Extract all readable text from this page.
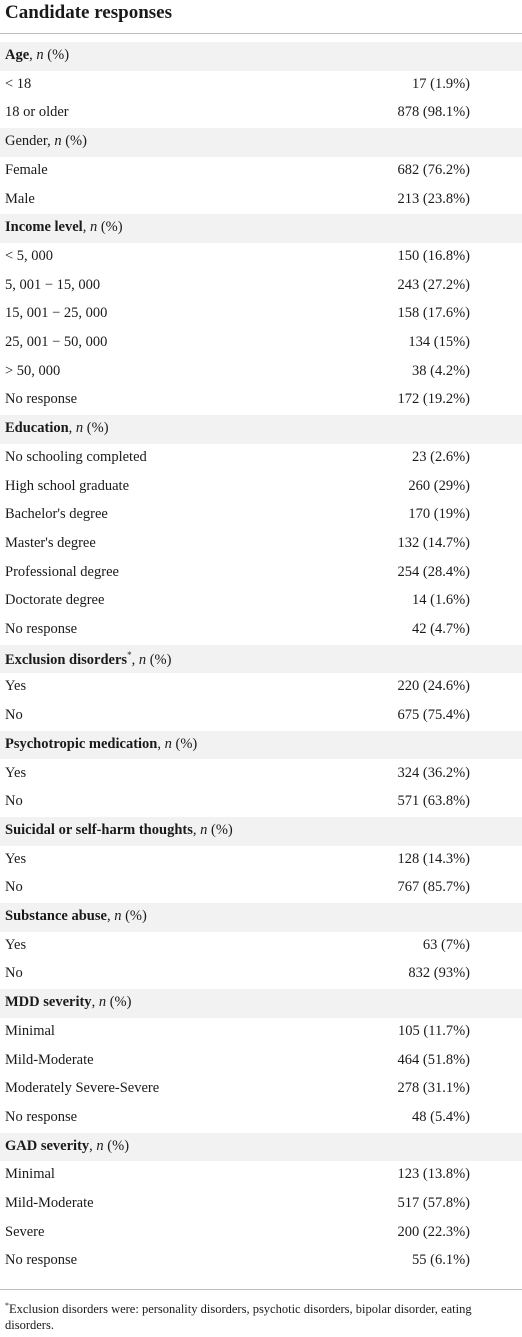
Candidate responses
Age, n (%)
< 18	17 (1.9%)
18 or older	878 (98.1%)
Gender, n (%)
Female	682 (76.2%)
Male	213 (23.8%)
Income level, n (%)
< 5, 000	150 (16.8%)
5, 001 − 15, 000	243 (27.2%)
15, 001 − 25, 000	158 (17.6%)
25, 001 − 50, 000	134 (15%)
> 50, 000	38 (4.2%)
No response	172 (19.2%)
Education, n (%)
No schooling completed	23 (2.6%)
High school graduate	260 (29%)
Bachelor's degree	170 (19%)
Master's degree	132 (14.7%)
Professional degree	254 (28.4%)
Doctorate degree	14 (1.6%)
No response	42 (4.7%)
Exclusion disorders*, n (%)
Yes	220 (24.6%)
No	675 (75.4%)
Psychotropic medication, n (%)
Yes	324 (36.2%)
No	571 (63.8%)
Suicidal or self-harm thoughts, n (%)
Yes	128 (14.3%)
No	767 (85.7%)
Substance abuse, n (%)
Yes	63 (7%)
No	832 (93%)
MDD severity, n (%)
Minimal	105 (11.7%)
Mild-Moderate	464 (51.8%)
Moderately Severe-Severe	278 (31.1%)
No response	48 (5.4%)
GAD severity, n (%)
Minimal	123 (13.8%)
Mild-Moderate	517 (57.8%)
Severe	200 (22.3%)
No response	55 (6.1%)
*Exclusion disorders were: personality disorders, psychotic disorders, bipolar disorder, eating disorders.
